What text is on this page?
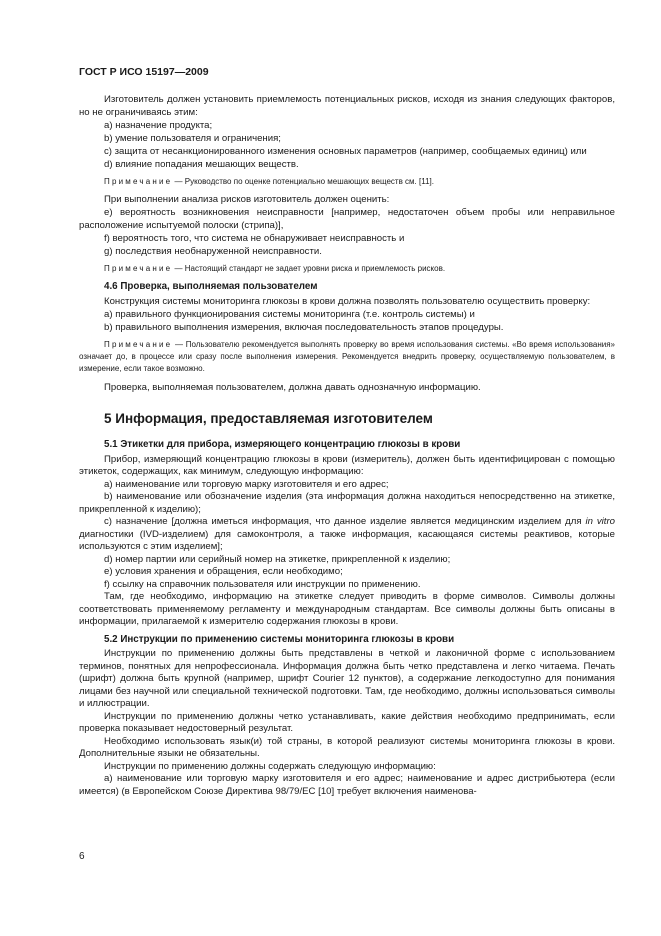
ГОСТ Р ИСО 15197—2009

Изготовитель должен установить приемлемость потенциальных рисков, исходя из знания следующих факторов, но не ограничиваясь этим:

a) назначение продукта;

b) умение пользователя и ограничения;

c) защита от несанкционированного изменения основных параметров (например, сообщаемых единиц) или

d) влияние попадания мешающих веществ.

Примечание — Руководство по оценке потенциально мешающих веществ см. [11].

При выполнении анализа рисков изготовитель должен оценить:

e) вероятность возникновения неисправности [например, недостаточен объем пробы или неправильное расположение испытуемой полоски (стрипа)],

f) вероятность того, что система не обнаруживает неисправность и

g) последствия необнаруженной неисправности.

Примечание — Настоящий стандарт не задает уровни риска и приемлемость рисков.

4.6 Проверка, выполняемая пользователем

Конструкция системы мониторинга глюкозы в крови должна позволять пользователю осуществить проверку:

a) правильного функционирования системы мониторинга (т.е. контроль системы) и

b) правильного выполнения измерения, включая последовательность этапов процедуры.

Примечание — Пользователю рекомендуется выполнять проверку во время использования системы. «Во время использования» означает до, в процессе или сразу после выполнения измерения. Рекомендуется внедрить проверку, осуществляемую пользователем, в измерение, если такое возможно.

Проверка, выполняемая пользователем, должна давать однозначную информацию.

5 Информация, предоставляемая изготовителем

5.1 Этикетки для прибора, измеряющего концентрацию глюкозы в крови

Прибор, измеряющий концентрацию глюкозы в крови (измеритель), должен быть идентифицирован с помощью этикеток, содержащих, как минимум, следующую информацию:

a) наименование или торговую марку изготовителя и его адрес;

b) наименование или обозначение изделия (эта информация должна находиться непосредственно на этикетке, прикрепленной к изделию);

c) назначение [должна иметься информация, что данное изделие является медицинским изделием для in vitro диагностики (IVD-изделием) для самоконтроля, а также информация, касающаяся системы реактивов, которые используются с этим изделием];

d) номер партии или серийный номер на этикетке, прикрепленной к изделию;

e) условия хранения и обращения, если необходимо;

f) ссылку на справочник пользователя или инструкции по применению.

Там, где необходимо, информацию на этикетке следует приводить в форме символов. Символы должны соответствовать применяемому регламенту и международным стандартам. Все символы должны быть описаны в информации, прилагаемой к измерителю содержания глюкозы в крови.

5.2 Инструкции по применению системы мониторинга глюкозы в крови

Инструкции по применению должны быть представлены в четкой и лаконичной форме с использованием терминов, понятных для непрофессионала. Информация должна быть четко представлена и легко читаема. Печать (шрифт) должна быть крупной (например, шрифт Courier 12 пунктов), а содержание легкодоступно для понимания лицами без научной или специальной технической подготовки. Там, где необходимо, должны использоваться символы и иллюстрации.

Инструкции по применению должны четко устанавливать, какие действия необходимо предпринимать, если проверка показывает недостоверный результат.

Необходимо использовать язык(и) той страны, в которой реализуют системы мониторинга глюкозы в крови. Дополнительные языки не обязательны.

Инструкции по применению должны содержать следующую информацию:

a) наименование или торговую марку изготовителя и его адрес; наименование и адрес дистрибьютера (если имеется) (в Европейском Союзе Директива 98/79/EC [10] требует включения наименова-

6
